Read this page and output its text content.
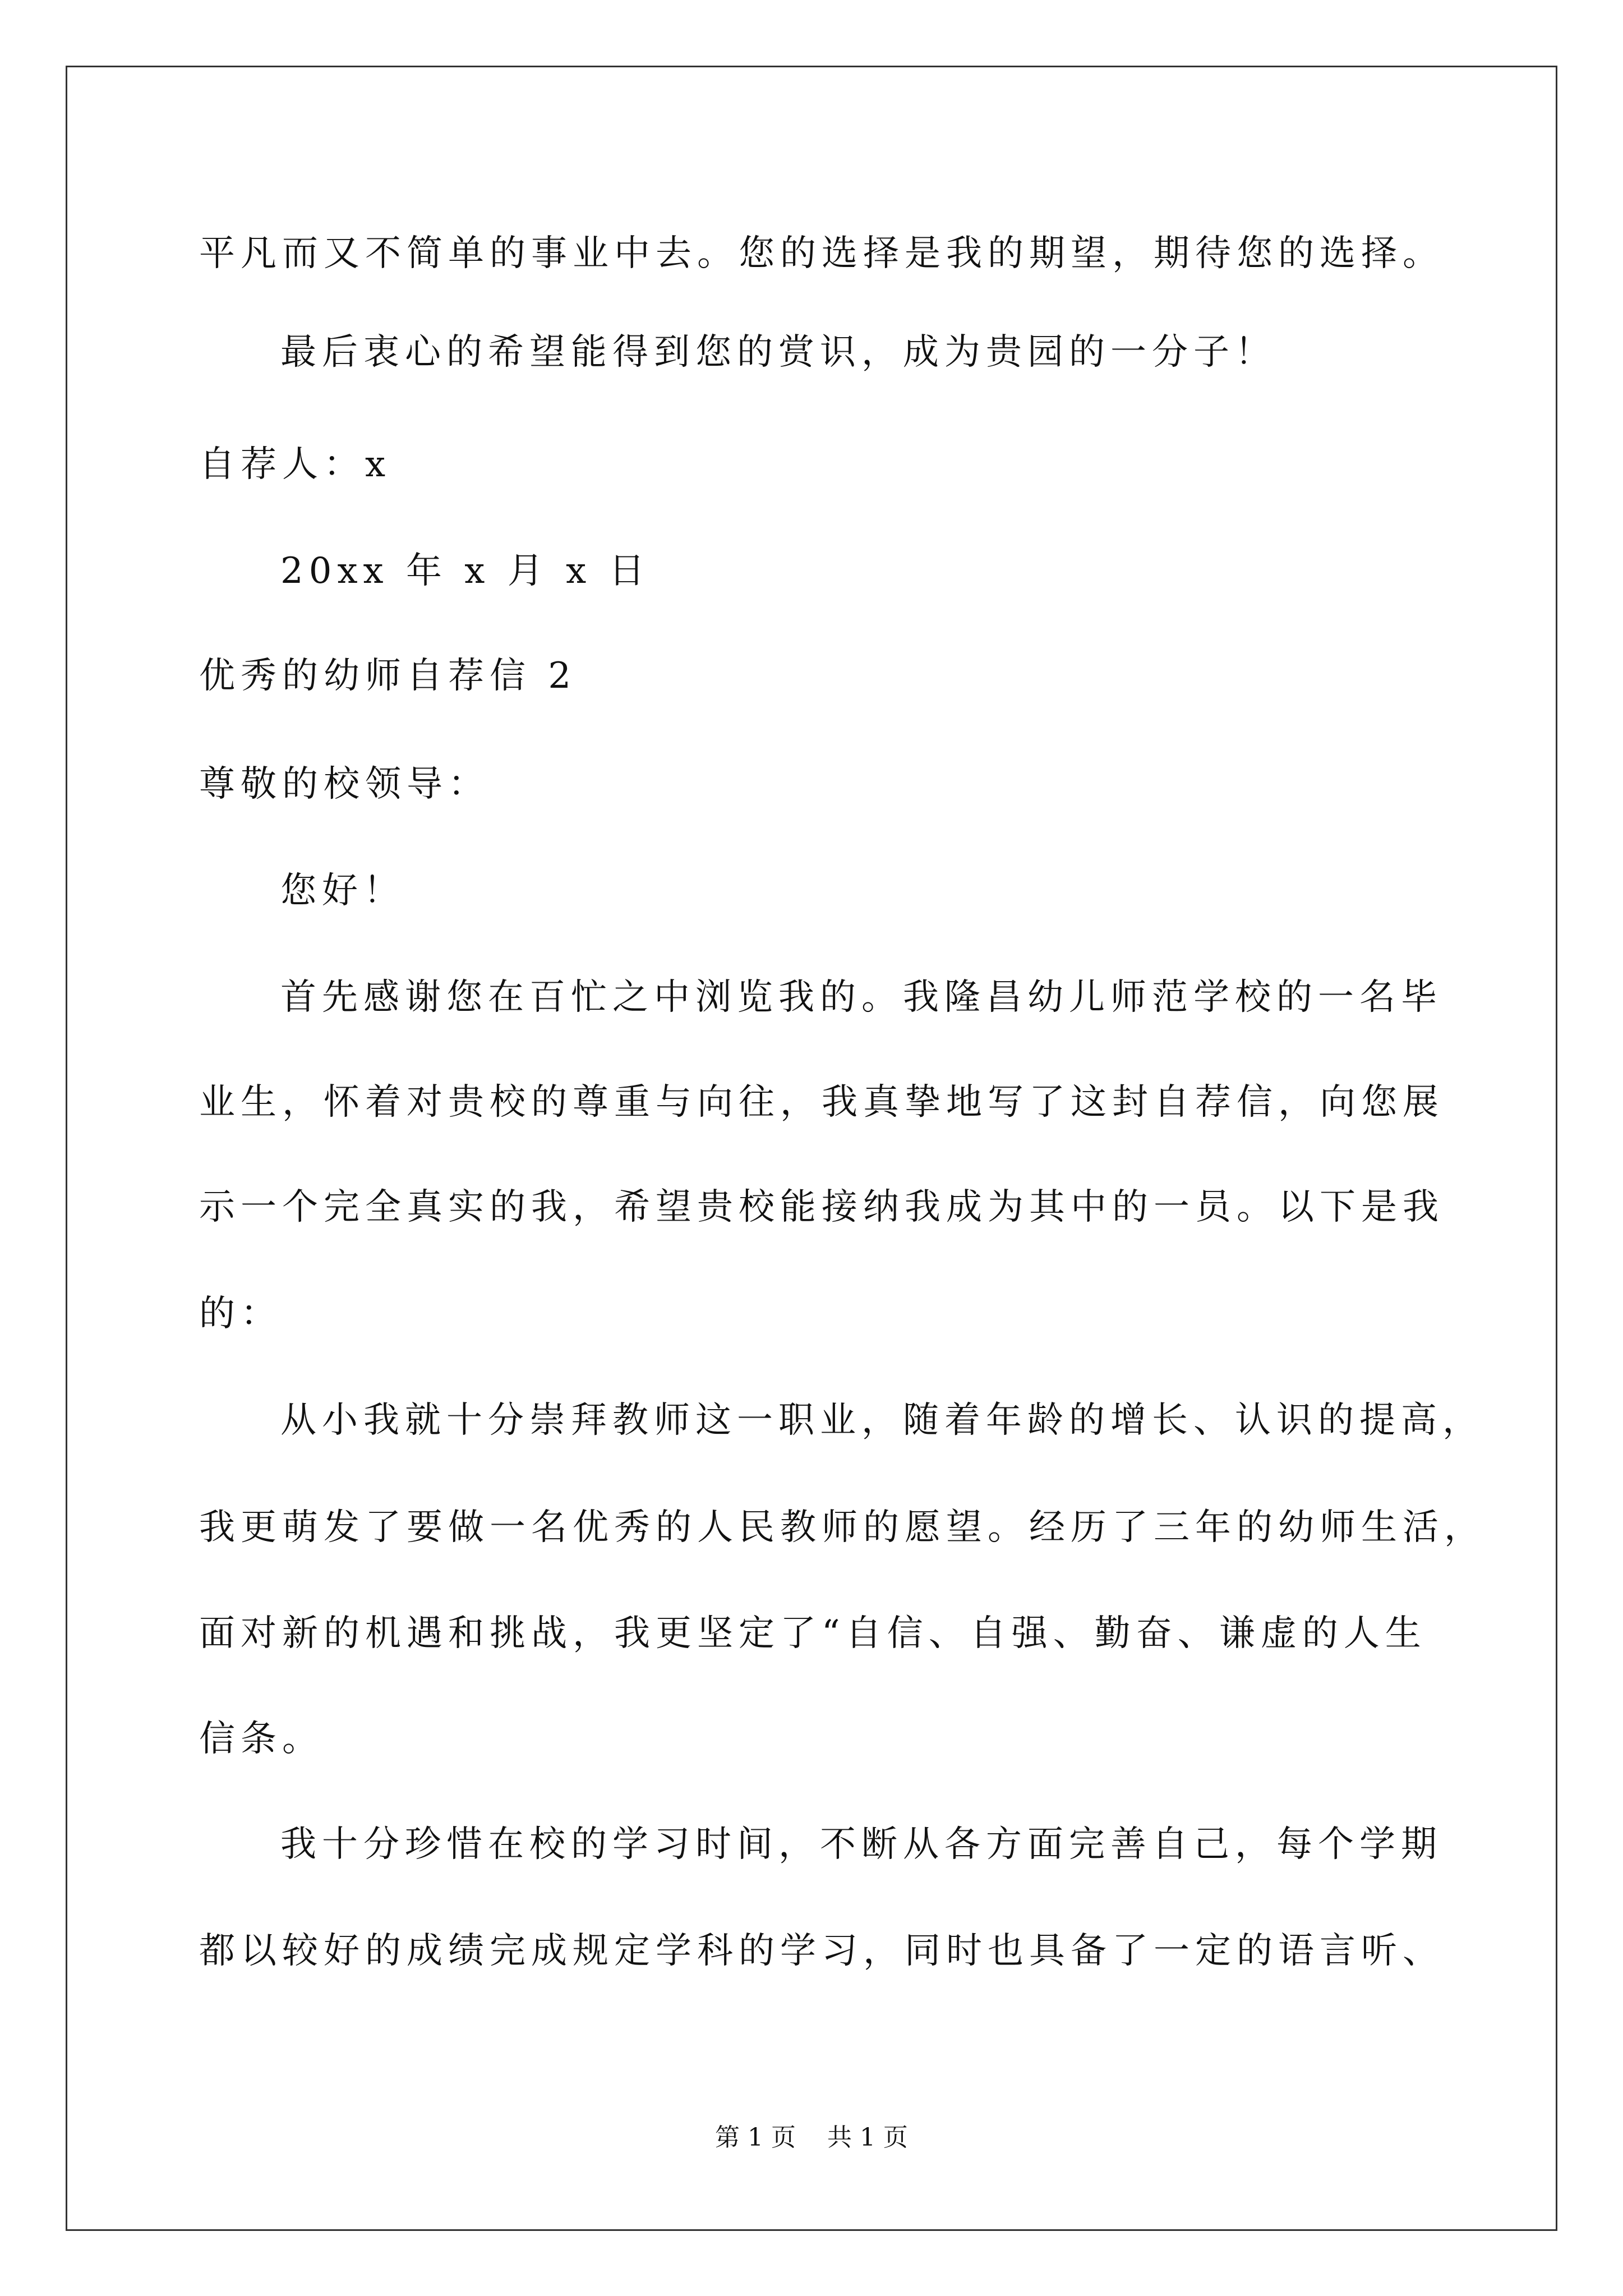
平凡而又不简单的事业中去。您的选择是我的期望，期待您的选择。
最后衷心的希望能得到您的赏识，成为贵园的一分子！
自荐人：x
20xx 年 x 月 x 日
优秀的幼师自荐信 2
尊敬的校领导：
您好！
首先感谢您在百忙之中浏览我的。我隆昌幼儿师范学校的一名毕
业生，怀着对贵校的尊重与向往，我真挚地写了这封自荐信，向您展
示一个完全真实的我，希望贵校能接纳我成为其中的一员。以下是我
的：
从小我就十分崇拜教师这一职业，随着年龄的增长、认识的提高，
我更萌发了要做一名优秀的人民教师的愿望。经历了三年的幼师生活，
面对新的机遇和挑战，我更坚定了“自信、自强、勤奋、谦虚的人生
信条。
我十分珍惜在校的学习时间，不断从各方面完善自己，每个学期
都以较好的成绩完成规定学科的学习，同时也具备了一定的语言听、
第 1 页    共 1 页
